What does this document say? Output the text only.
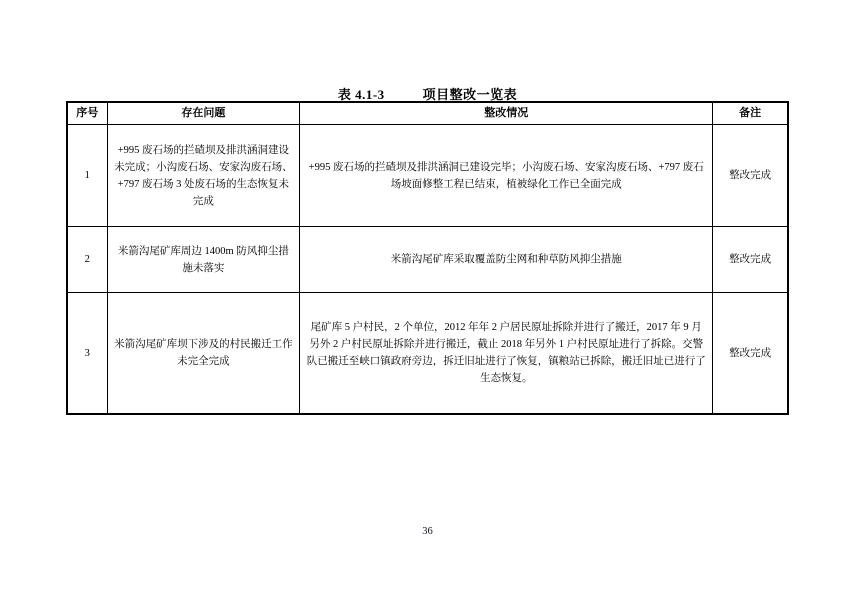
表 4.1-3	项目整改一览表
序号	存在问题	整改情况	备注
1	+995 废石场的拦碴坝及排洪涵洞建设未完成；小沟废石场、安家沟废石场、+797 废石场 3 处废石场的生态恢复未完成	+995 废石场的拦碴坝及排洪涵洞已建设完毕；小沟废石场、安家沟废石场、+797 废石场坡面修整工程已结束，植被绿化工作已全面完成	整改完成
2	米箭沟尾矿库周边 1400m 防风抑尘措施未落实	米箭沟尾矿库采取覆盖防尘网和种草防风抑尘措施	整改完成
3	米箭沟尾矿库坝下涉及的村民搬迁工作未完全完成	尾矿库 5 户村民，2 个单位，2012 年年 2 户居民原址拆除并进行了搬迁，2017 年 9 月另外 2 户村民原址拆除并进行搬迁，截止 2018 年另外 1 户村民原址进行了拆除。交警队已搬迁至峡口镇政府旁边，拆迁旧址进行了恢复，镇粮站已拆除，搬迁旧址已进行了生态恢复。	整改完成
36
